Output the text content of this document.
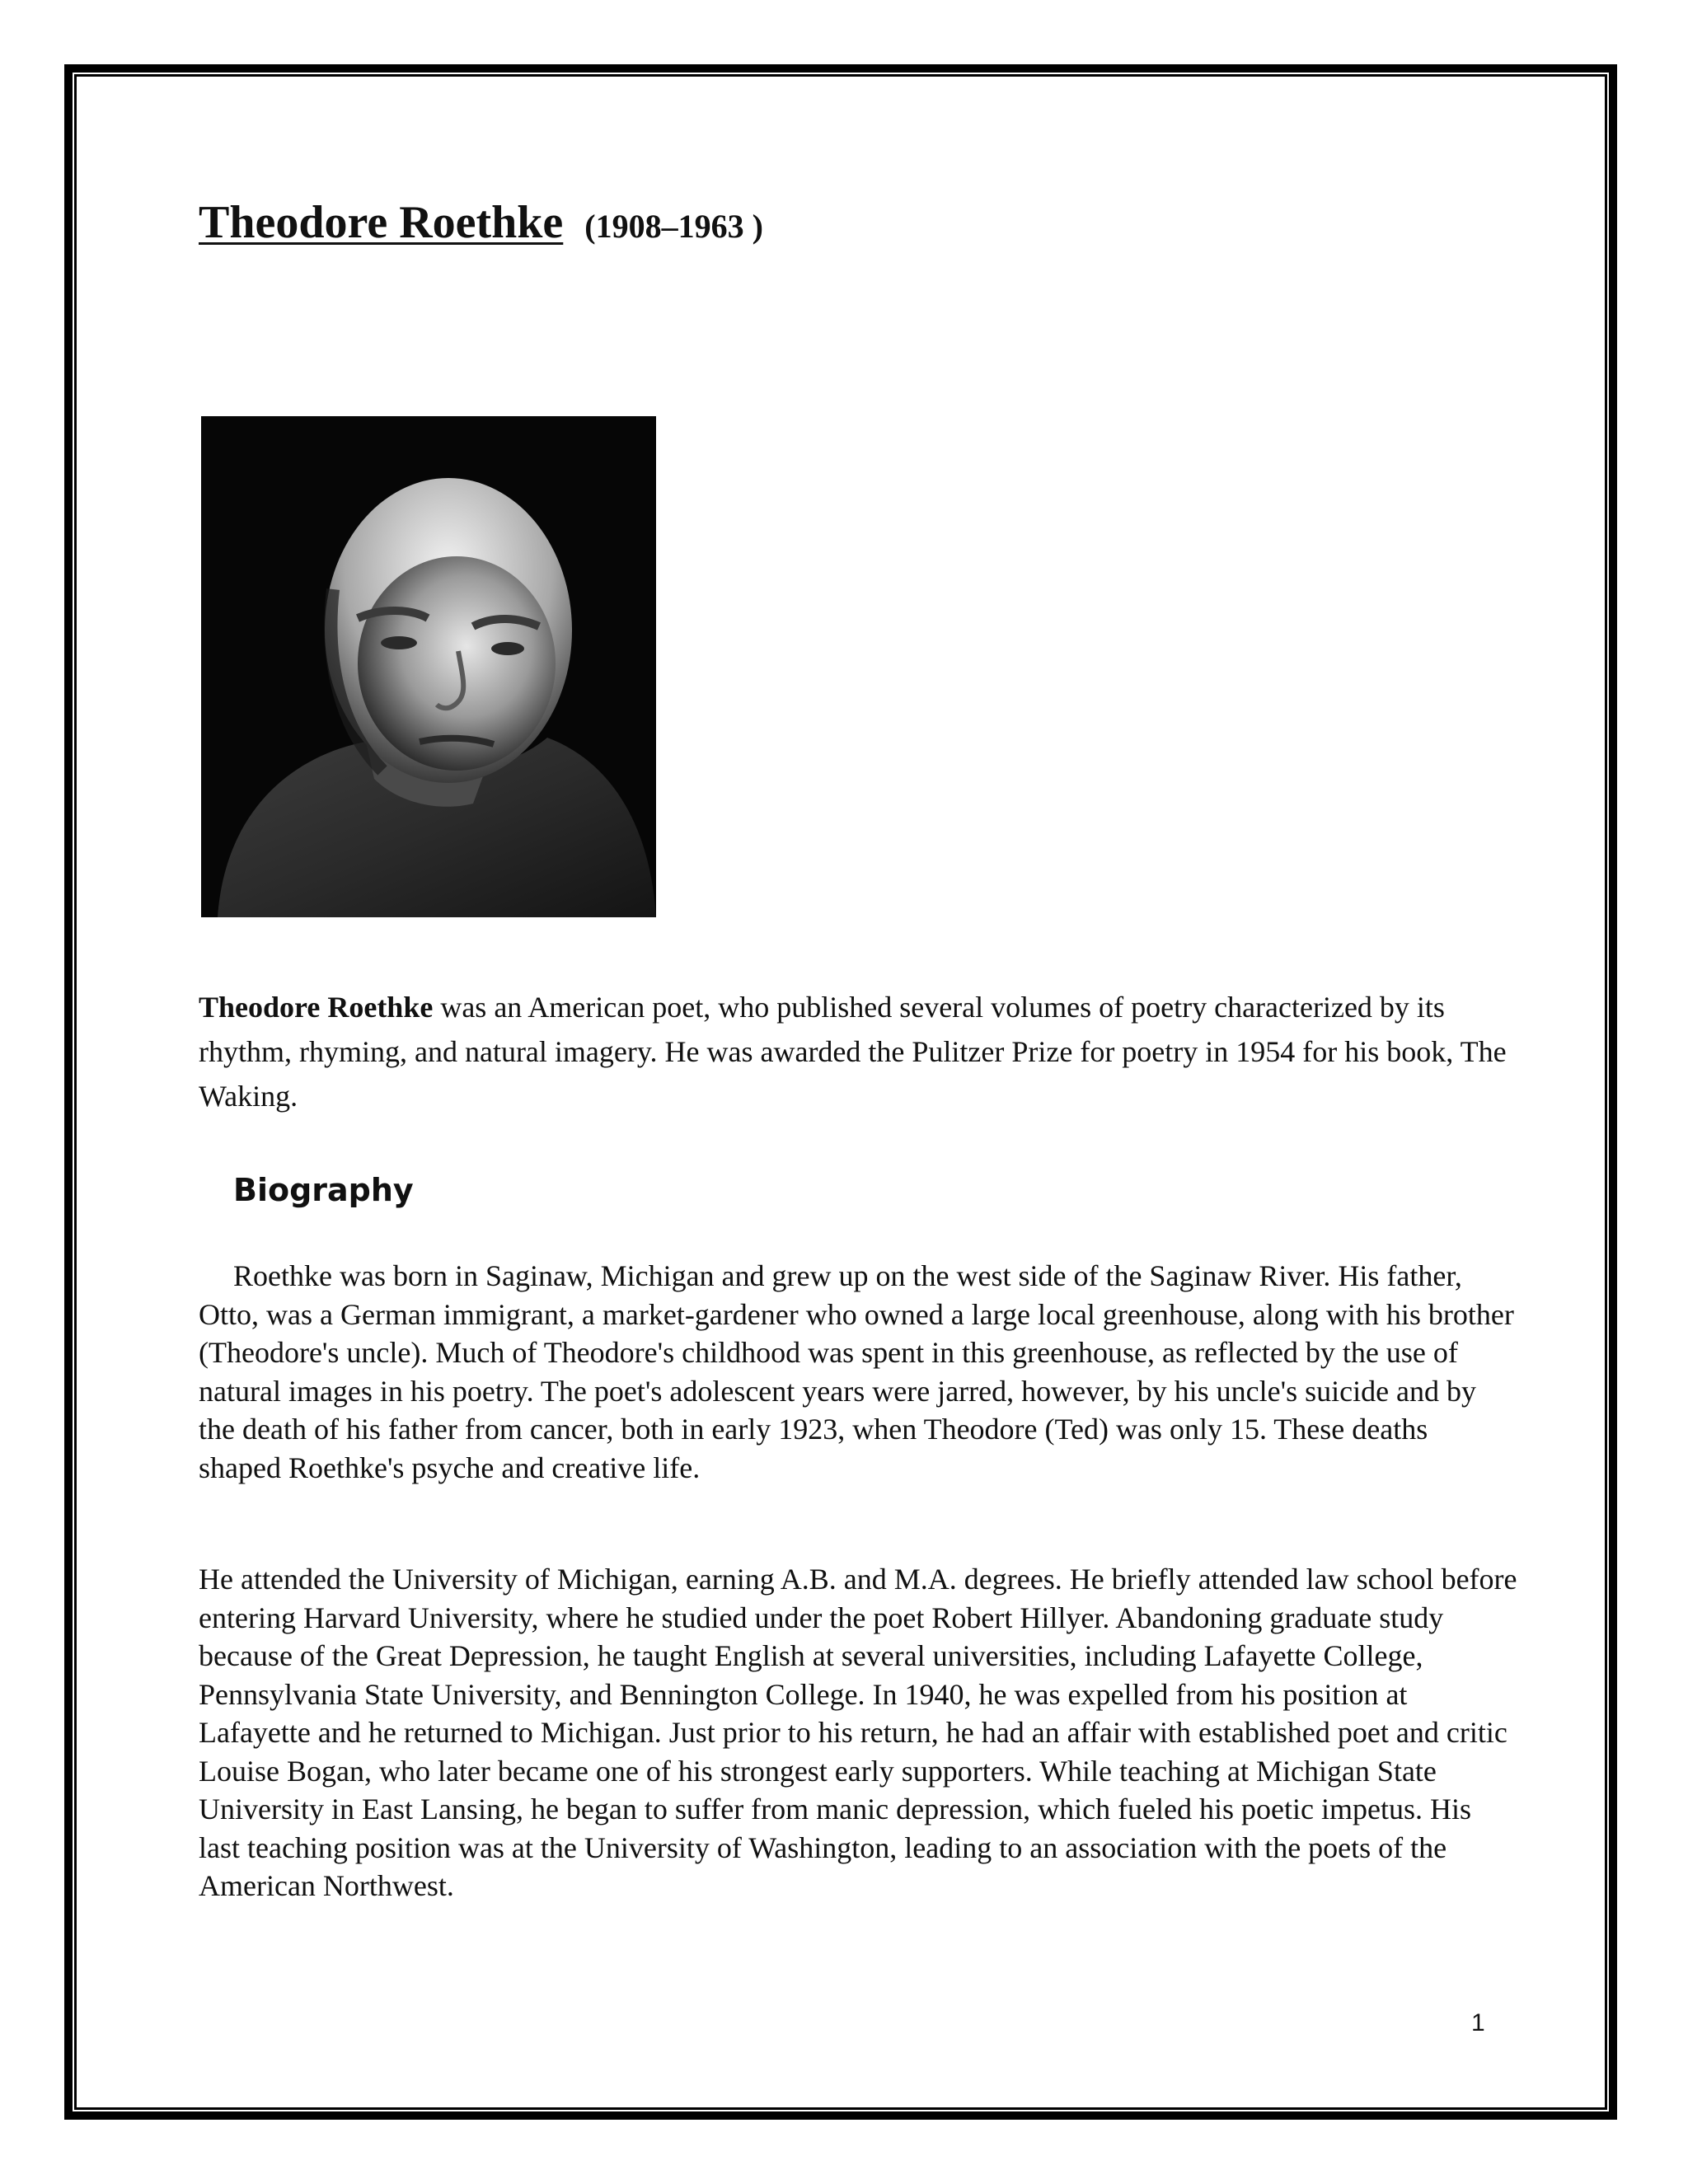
Theodore Roethke (1908–1963 )
Theodore Roethke was an American poet, who published several volumes of poetry characterized by its rhythm, rhyming, and natural imagery. He was awarded the Pulitzer Prize for poetry in 1954 for his book, The Waking.
Biography
Roethke was born in Saginaw, Michigan and grew up on the west side of the Saginaw River. His father, Otto, was a German immigrant, a market-gardener who owned a large local greenhouse, along with his brother (Theodore's uncle). Much of Theodore's childhood was spent in this greenhouse, as reflected by the use of natural images in his poetry. The poet's adolescent years were jarred, however, by his uncle's suicide and by the death of his father from cancer, both in early 1923, when Theodore (Ted) was only 15. These deaths shaped Roethke's psyche and creative life.
He attended the University of Michigan, earning A.B. and M.A. degrees. He briefly attended law school before entering Harvard University, where he studied under the poet Robert Hillyer. Abandoning graduate study because of the Great Depression, he taught English at several universities, including Lafayette College, Pennsylvania State University, and Bennington College. In 1940, he was expelled from his position at Lafayette and he returned to Michigan. Just prior to his return, he had an affair with established poet and critic Louise Bogan, who later became one of his strongest early supporters. While teaching at Michigan State University in East Lansing, he began to suffer from manic depression, which fueled his poetic impetus. His last teaching position was at the University of Washington, leading to an association with the poets of the American Northwest.
1
